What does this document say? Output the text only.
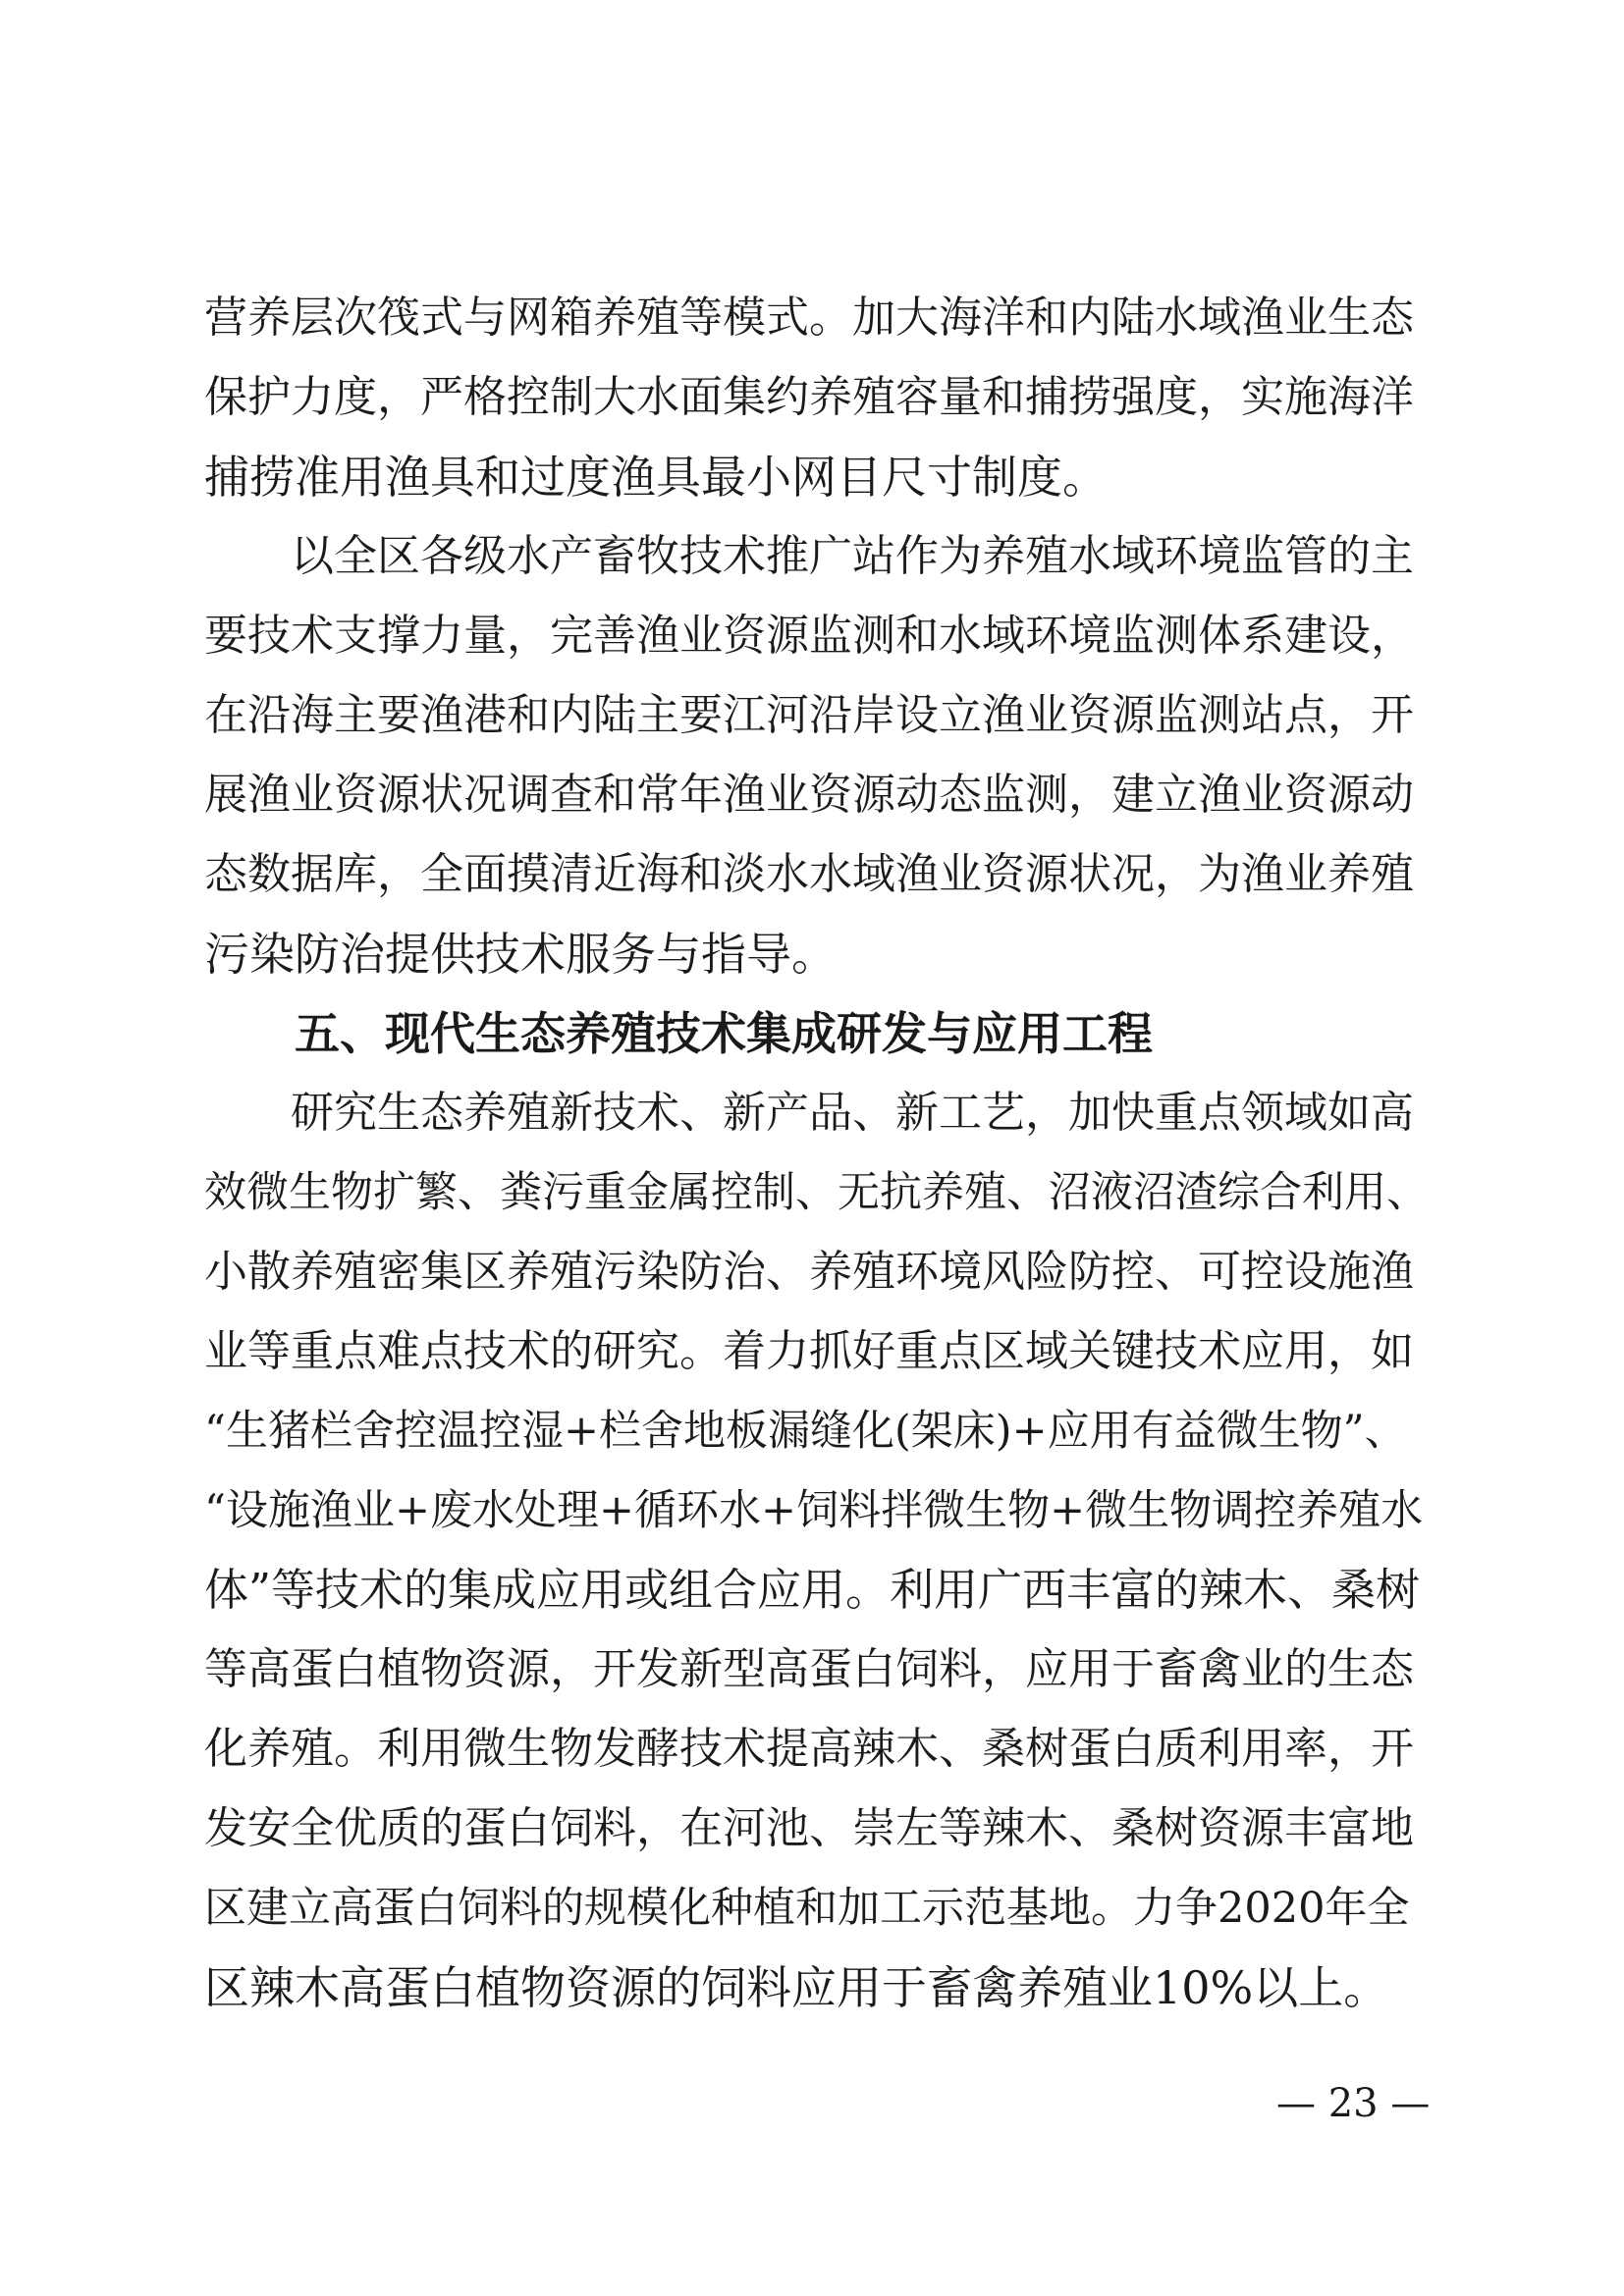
营养层次筏式与网箱养殖等模式。加大海洋和内陆水域渔业生态
保护力度，严格控制大水面集约养殖容量和捕捞强度，实施海洋
捕捞准用渔具和过度渔具最小网目尺寸制度。
　　以全区各级水产畜牧技术推广站作为养殖水域环境监管的主
要技术支撑力量，完善渔业资源监测和水域环境监测体系建设，
在沿海主要渔港和内陆主要江河沿岸设立渔业资源监测站点，开
展渔业资源状况调查和常年渔业资源动态监测，建立渔业资源动
态数据库，全面摸清近海和淡水水域渔业资源状况，为渔业养殖
污染防治提供技术服务与指导。
　　五、现代生态养殖技术集成研发与应用工程
　　研究生态养殖新技术、新产品、新工艺，加快重点领域如高
效微生物扩繁、粪污重金属控制、无抗养殖、沼液沼渣综合利用、
小散养殖密集区养殖污染防治、养殖环境风险防控、可控设施渔
业等重点难点技术的研究。着力抓好重点区域关键技术应用，如
“生猪栏舍控温控湿+栏舍地板漏缝化(架床)+应用有益微生物”、
“设施渔业+废水处理+循环水+饲料拌微生物+微生物调控养殖水
体”等技术的集成应用或组合应用。利用广西丰富的辣木、桑树
等高蛋白植物资源，开发新型高蛋白饲料，应用于畜禽业的生态
化养殖。利用微生物发酵技术提高辣木、桑树蛋白质利用率，开
发安全优质的蛋白饲料，在河池、崇左等辣木、桑树资源丰富地
区建立高蛋白饲料的规模化种植和加工示范基地。力争2020年全
区辣木高蛋白植物资源的饲料应用于畜禽养殖业10%以上。
— 23 —
